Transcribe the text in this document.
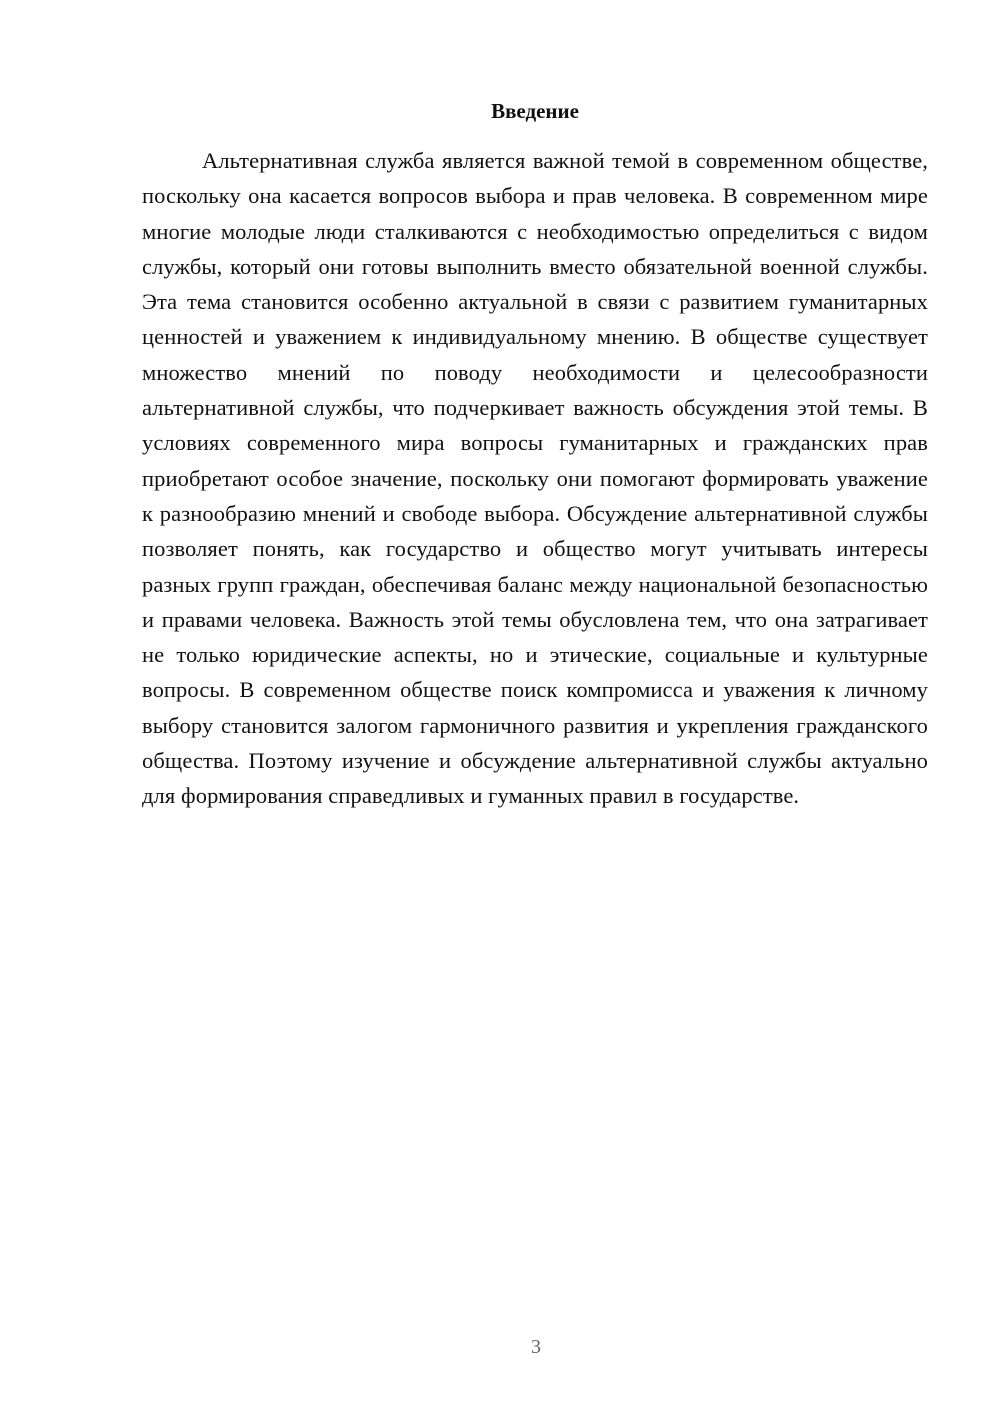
Введение

Альтернативная служба является важной темой в современном обществе, поскольку она касается вопросов выбора и прав человека. В современном мире многие молодые люди сталкиваются с необходимостью определиться с видом службы, который они готовы выполнить вместо обязательной военной службы. Эта тема становится особенно актуальной в связи с развитием гуманитарных ценностей и уважением к индивидуальному мнению. В обществе существует множество мнений по поводу необходимости и целесообразности альтернативной службы, что подчеркивает важность обсуждения этой темы. В условиях современного мира вопросы гуманитарных и гражданских прав приобретают особое значение, поскольку они помогают формировать уважение к разнообразию мнений и свободе выбора. Обсуждение альтернативной службы позволяет понять, как государство и общество могут учитывать интересы разных групп граждан, обеспечивая баланс между национальной безопасностью и правами человека. Важность этой темы обусловлена тем, что она затрагивает не только юридические аспекты, но и этические, социальные и культурные вопросы. В современном обществе поиск компромисса и уважения к личному выбору становится залогом гармоничного развития и укрепления гражданского общества. Поэтому изучение и обсуждение альтернативной службы актуально для формирования справедливых и гуманных правил в государстве.

3
